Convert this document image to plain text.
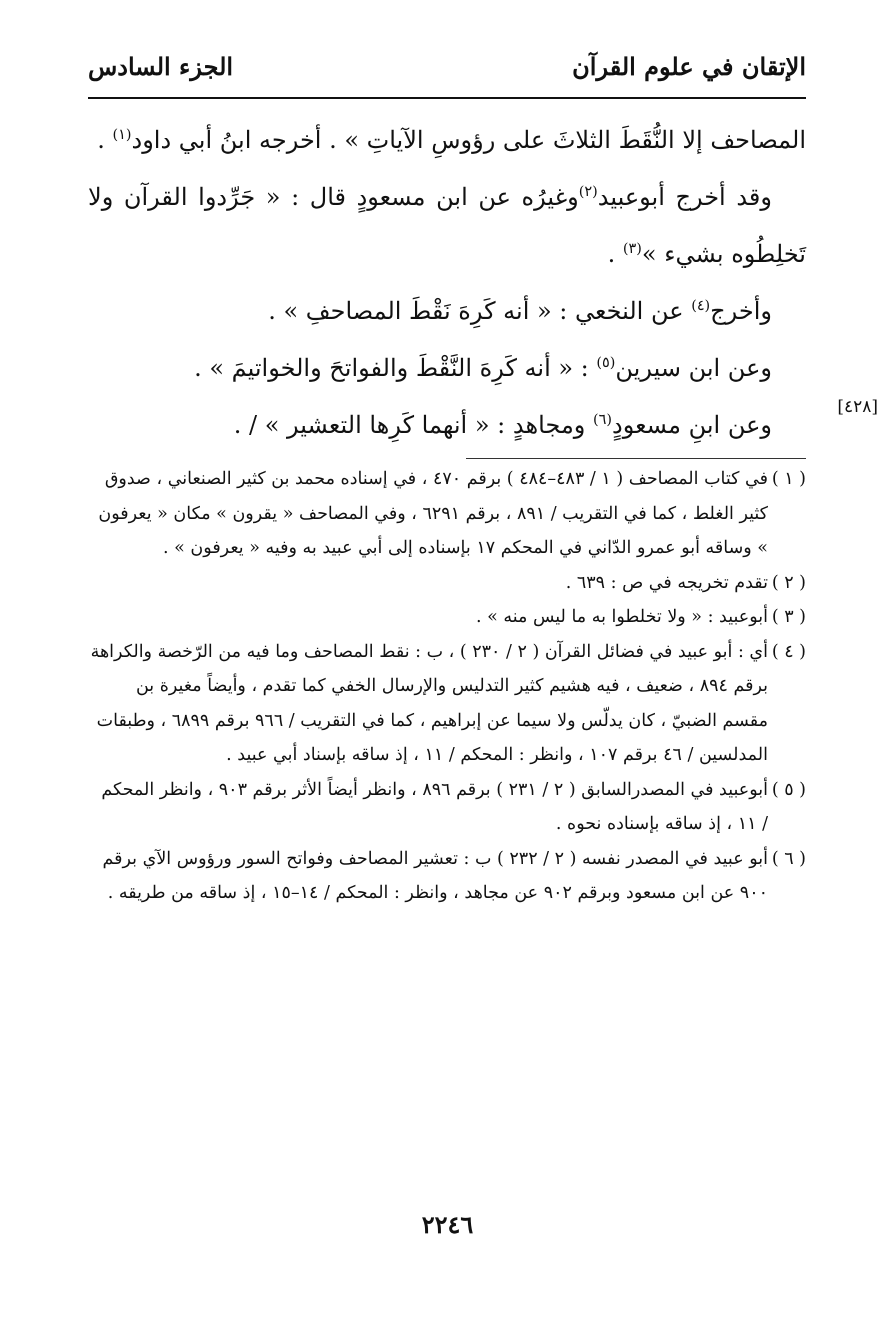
الإتقان في علوم القرآن
الجزء السادس
المصاحف إلا النُّقَطَ الثلاثَ على رؤوسِ الآياتِ » . أخرجه ابنُ أبي داود$^{(١)}$ .
وقد أخرج أبوعبيد$^{(٢)}$وغيرُه عن ابن مسعودٍ قال : « جَرِّدوا القرآن ولا
تَخلِطُوه بشيء »$^{(٣)}$ .
وأخرج$^{(٤)}$ عن النخعي : « أنه كَرِهَ نَقْطَ المصاحفِ » .
وعن ابن سيرين$^{(٥)}$ : « أنه كَرِهَ النَّقْطَ والفواتحَ والخواتيمَ » .
وعن ابنِ مسعودٍ$^{(٦)}$ ومجاهدٍ : « أنهما كَرِها التعشير » / .
[٤٢٨]
( ١ )في كتاب المصاحف ( ١ / ٤٨٣–٤٨٤ ) برقم ٤٧٠ ، في إسناده محمد بن كثير الصنعاني ، صدوق كثير الغلط ، كما في التقريب / ٨٩١ ، برقم ٦٢٩١ ، وفي المصاحف « يقرون » مكان « يعرفون » وساقه أبو عمرو الدّاني في المحكم ١٧ بإسناده إلى أبي عبيد به وفيه « يعرفون » .
( ٢ )تقدم تخريجه في ص : ٦٣٩ .
( ٣ )أبوعبيد : « ولا تخلطوا به ما ليس منه » .
( ٤ )أي : أبو عبيد في فضائل القرآن ( ٢ / ٢٣٠ ) ، ب : نقط المصاحف وما فيه من الرّخصة والكراهة برقم ٨٩٤ ، ضعيف ، فيه هشيم كثير التدليس والإرسال الخفي كما تقدم ، وأيضاً مغيرة بن مقسم الضبيّ ، كان يدلّس ولا سيما عن إبراهيم ، كما في التقريب / ٩٦٦ برقم ٦٨٩٩ ، وطبقات المدلسين / ٤٦ برقم ١٠٧ ، وانظر : المحكم / ١١ ، إذ ساقه بإسناد أبي عبيد .
( ٥ )أبوعبيد في المصدرالسابق ( ٢ / ٢٣١ ) برقم ٨٩٦ ، وانظر أيضاً الأثر برقم ٩٠٣ ، وانظر المحكم / ١١ ، إذ ساقه بإسناده نحوه .
( ٦ )أبو عبيد في المصدر نفسه ( ٢ / ٢٣٢ ) ب : تعشير المصاحف وفواتح السور ورؤوس الآي برقم ٩٠٠ عن ابن مسعود وبرقم ٩٠٢ عن مجاهد ، وانظر : المحكم / ١٤–١٥ ، إذ ساقه من طريقه .
٢٢٤٦
